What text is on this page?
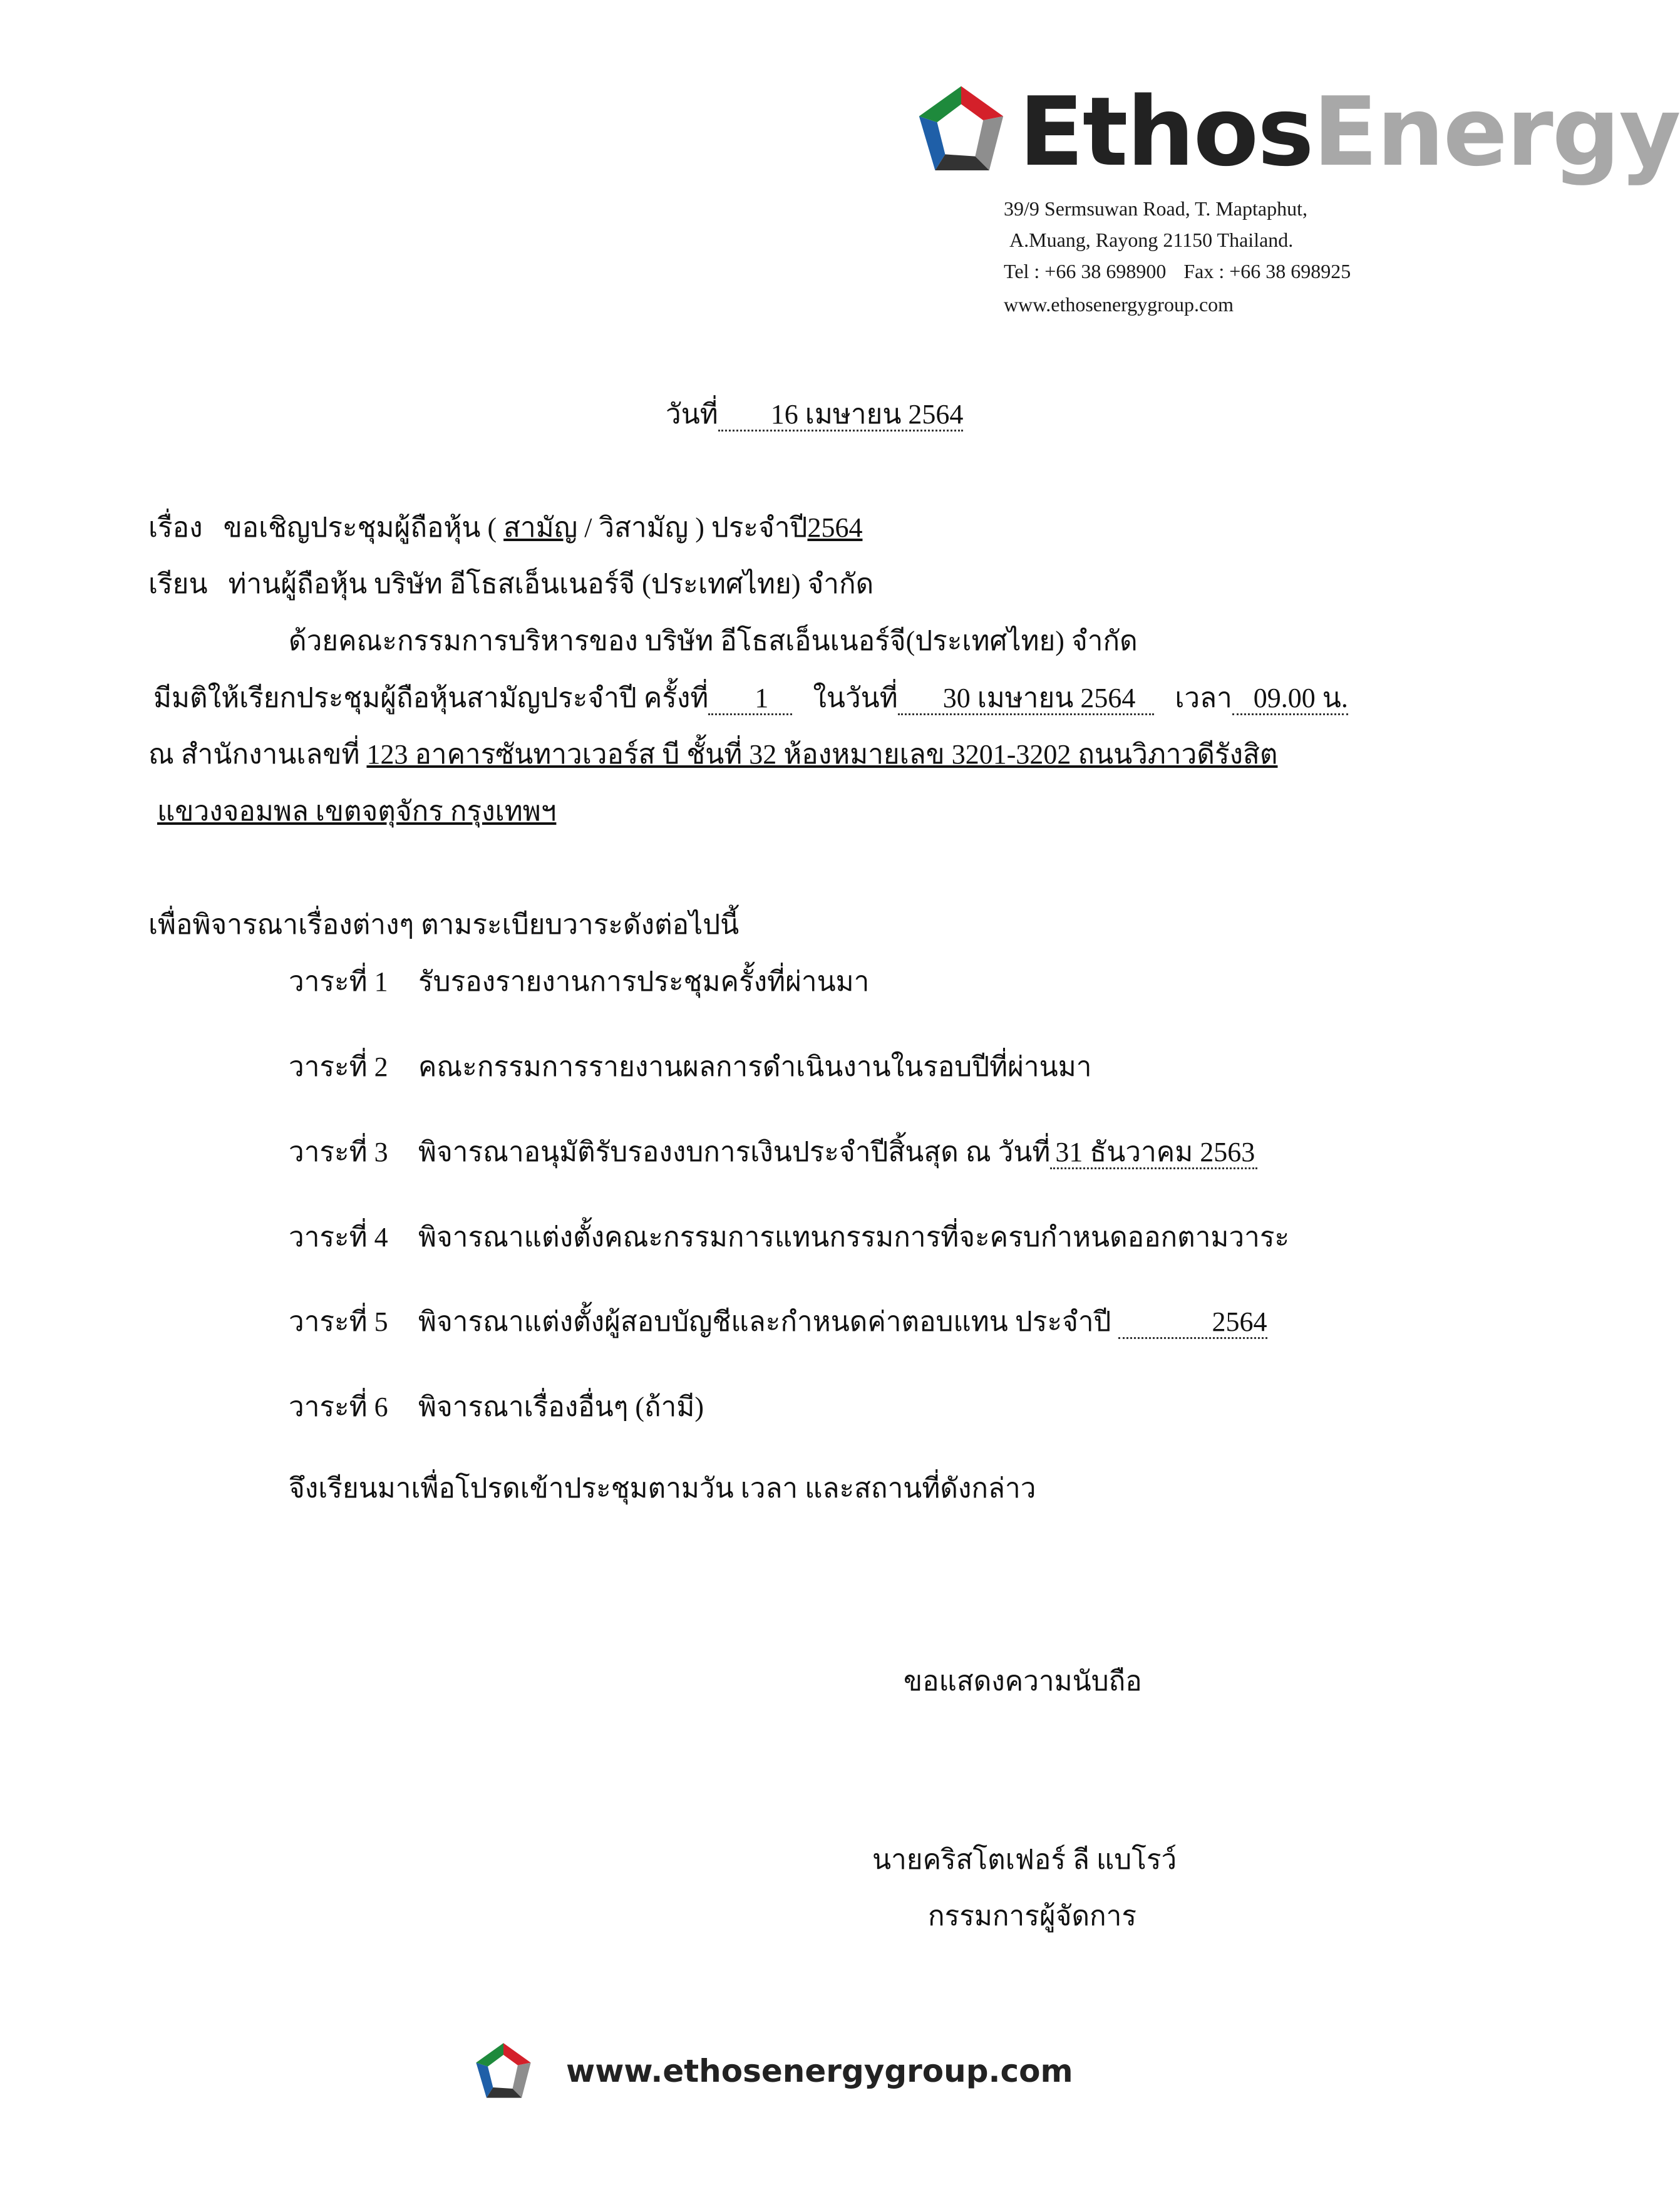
EthosEnergy
39/9 Sermsuwan Road, T. Maptaphut,
A.Muang, Rayong 21150 Thailand.
Tel : +66 38 698900 Fax : +66 38 698925
www.ethosenergygroup.com
วันที่ 16 เมษายน 2564
เรื่อง ขอเชิญประชุมผู้ถือหุ้น ( สามัญ / วิสามัญ ) ประจำปี2564
เรียน ท่านผู้ถือหุ้น บริษัท อีโธสเอ็นเนอร์จี (ประเทศไทย) จำกัด
ด้วยคณะกรรมการบริหารของ บริษัท อีโธสเอ็นเนอร์จี(ประเทศไทย) จำกัด
มีมติให้เรียกประชุมผู้ถือหุ้นสามัญประจำปี ครั้งที่ 1 ในวันที่ 30 เมษายน 2564 เวลา 09.00 น.
ณ สำนักงานเลขที่ 123 อาคารซันทาวเวอร์ส บี ชั้นที่ 32 ห้องหมายเลข 3201-3202 ถนนวิภาวดีรังสิต
แขวงจอมพล เขตจตุจักร กรุงเทพฯ
เพื่อพิจารณาเรื่องต่างๆ ตามระเบียบวาระดังต่อไปนี้
วาระที่ 1 รับรองรายงานการประชุมครั้งที่ผ่านมา
วาระที่ 2 คณะกรรมการรายงานผลการดำเนินงานในรอบปีที่ผ่านมา
วาระที่ 3 พิจารณาอนุมัติรับรองงบการเงินประจำปีสิ้นสุด ณ วันที่ 31 ธันวาคม 2563
วาระที่ 4 พิจารณาแต่งตั้งคณะกรรมการแทนกรรมการที่จะครบกำหนดออกตามวาระ
วาระที่ 5 พิจารณาแต่งตั้งผู้สอบบัญชีและกำหนดค่าตอบแทน ประจำปี	2564
วาระที่ 6 พิจารณาเรื่องอื่นๆ (ถ้ามี)
จึงเรียนมาเพื่อโปรดเข้าประชุมตามวัน เวลา และสถานที่ดังกล่าว
ขอแสดงความนับถือ
นายคริสโตเฟอร์ ลี แบโรว์
กรรมการผู้จัดการ
www.ethosenergygroup.com
